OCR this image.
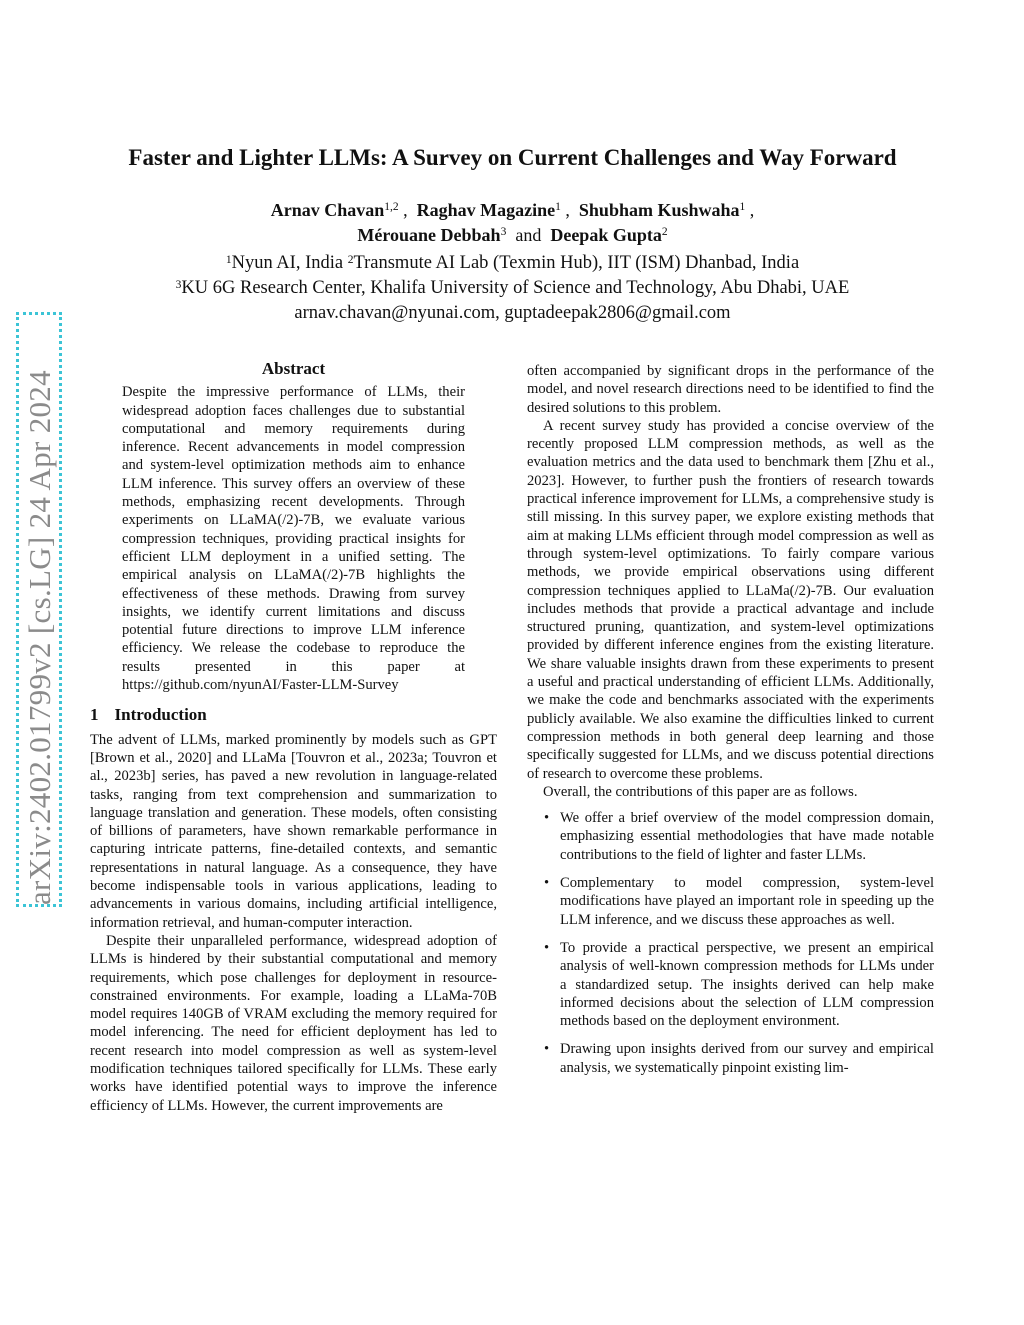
arXiv:2402.01799v2 [cs.LG] 24 Apr 2024
Faster and Lighter LLMs: A Survey on Current Challenges and Way Forward
Arnav Chavan$^{1,2}$ ,  Raghav Magazine$^1$ ,  Shubham Kushwaha$^1$ ,
Mérouane Debbah$^3$ and Deepak Gupta$^2$
$^1$Nyun AI, India $^2$Transmute AI Lab (Texmin Hub), IIT (ISM) Dhanbad, India
$^3$KU 6G Research Center, Khalifa University of Science and Technology, Abu Dhabi, UAE
arnav.chavan@nyunai.com, guptadeepak2806@gmail.com
Abstract

Despite the impressive performance of LLMs, their widespread adoption faces challenges due to substantial computational and memory requirements during inference. Recent advancements in model compression and system-level optimization methods aim to enhance LLM inference. This survey offers an overview of these methods, emphasizing recent developments. Through experiments on LLaMA(/2)-7B, we evaluate various compression techniques, providing practical insights for efficient LLM deployment in a unified setting. The empirical analysis on LLaMA(/2)-7B highlights the effectiveness of these methods. Drawing from survey insights, we identify current limitations and discuss potential future directions to improve LLM inference efficiency. We release the codebase to reproduce the results presented in this paper at https://github.com/nyunAI/Faster-LLM-Survey

1 Introduction

The advent of LLMs, marked prominently by models such as GPT [Brown et al., 2020] and LLaMa [Touvron et al., 2023a; Touvron et al., 2023b] series, has paved a new revolution in language-related tasks, ranging from text comprehension and summarization to language translation and generation. These models, often consisting of billions of parameters, have shown remarkable performance in capturing intricate patterns, fine-detailed contexts, and semantic representations in natural language. As a consequence, they have become indispensable tools in various applications, leading to advancements in various domains, including artificial intelligence, information retrieval, and human-computer interaction.

Despite their unparalleled performance, widespread adoption of LLMs is hindered by their substantial computational and memory requirements, which pose challenges for deployment in resource-constrained environments. For example, loading a LLaMa-70B model requires 140GB of VRAM excluding the memory required for model inferencing. The need for efficient deployment has led to recent research into model compression as well as system-level modification techniques tailored specifically for LLMs. These early works have identified potential ways to improve the inference efficiency of LLMs. However, the current improvements are

often accompanied by significant drops in the performance of the model, and novel research directions need to be identified to find the desired solutions to this problem.

A recent survey study has provided a concise overview of the recently proposed LLM compression methods, as well as the evaluation metrics and the data used to benchmark them [Zhu et al., 2023]. However, to further push the frontiers of research towards practical inference improvement for LLMs, a comprehensive study is still missing. In this survey paper, we explore existing methods that aim at making LLMs efficient through model compression as well as through system-level optimizations. To fairly compare various methods, we provide empirical observations using different compression techniques applied to LLaMa(/2)-7B. Our evaluation includes methods that provide a practical advantage and include structured pruning, quantization, and system-level optimizations provided by different inference engines from the existing literature. We share valuable insights drawn from these experiments to present a useful and practical understanding of efficient LLMs. Additionally, we make the code and benchmarks associated with the experiments publicly available. We also examine the difficulties linked to current compression methods in both general deep learning and those specifically suggested for LLMs, and we discuss potential directions of research to overcome these problems.

Overall, the contributions of this paper are as follows.

• We offer a brief overview of the model compression domain, emphasizing essential methodologies that have made notable contributions to the field of lighter and faster LLMs.
• Complementary to model compression, system-level modifications have played an important role in speeding up the LLM inference, and we discuss these approaches as well.
• To provide a practical perspective, we present an empirical analysis of well-known compression methods for LLMs under a standardized setup. The insights derived can help make informed decisions about the selection of LLM compression methods based on the deployment environment.
• Drawing upon insights derived from our survey and empirical analysis, we systematically pinpoint existing lim-
